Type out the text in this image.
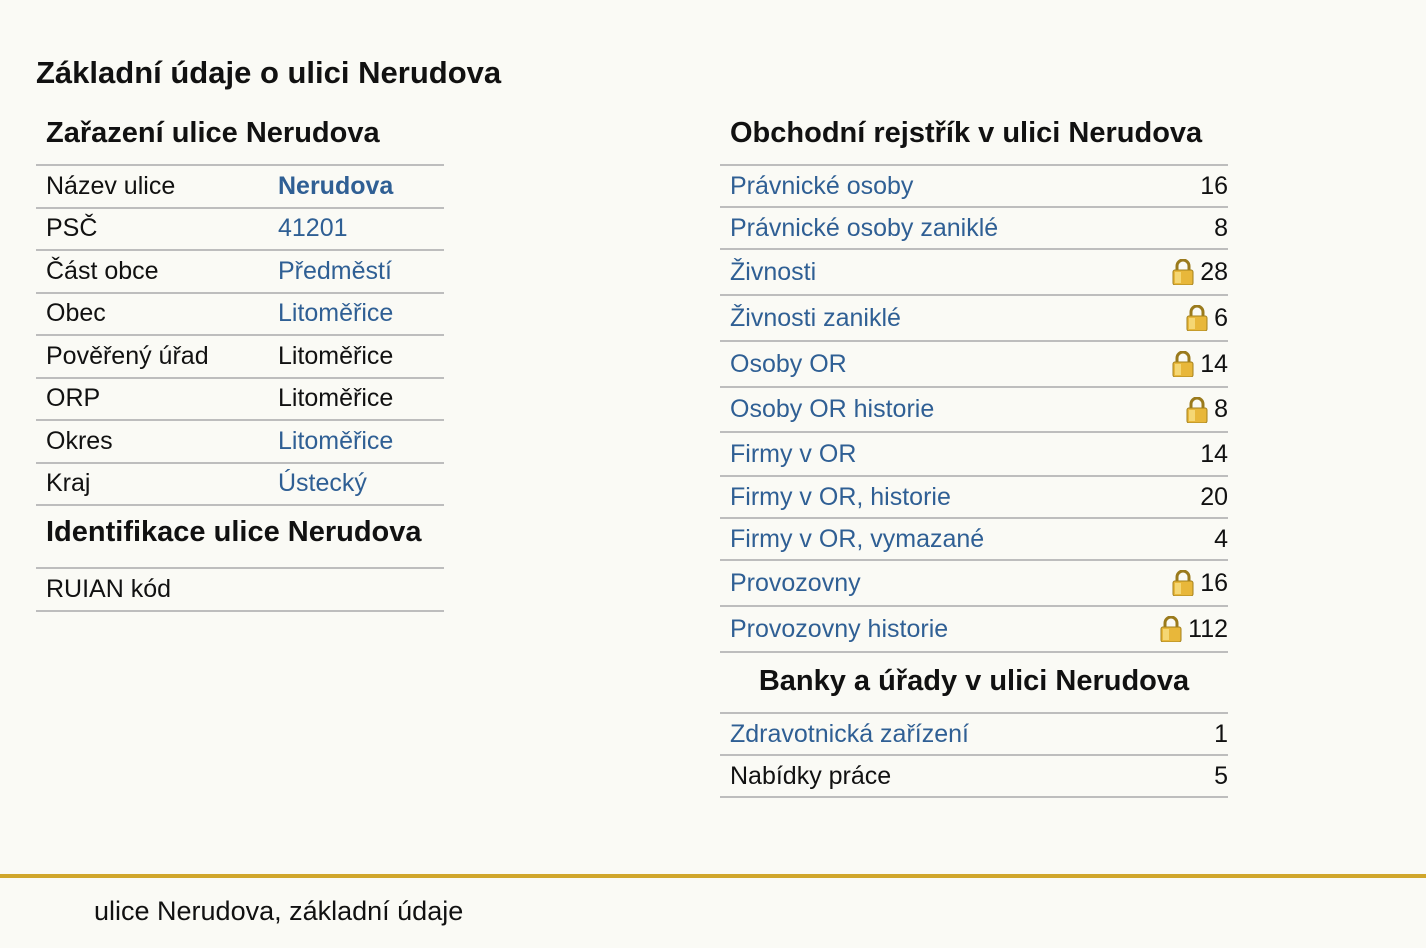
Základní údaje o ulici Nerudova
Zařazení ulice Nerudova
Název ulice	Nerudova
PSČ	41201
Část obce	Předměstí
Obec	Litoměřice
Pověřený úřad	Litoměřice
ORP	Litoměřice
Okres	Litoměřice
Kraj	Ústecký
Identifikace ulice Nerudova
RUIAN kód
Obchodní rejstřík v ulici Nerudova
Právnické osoby	16
Právnické osoby zaniklé	8
Živnosti	28
Živnosti zaniklé	6
Osoby OR	14
Osoby OR historie	8
Firmy v OR	14
Firmy v OR, historie	20
Firmy v OR, vymazané	4
Provozovny	16
Provozovny historie	112
Banky a úřady v ulici Nerudova
Zdravotnická zařízení	1
Nabídky práce	5
ulice Nerudova, základní údaje
